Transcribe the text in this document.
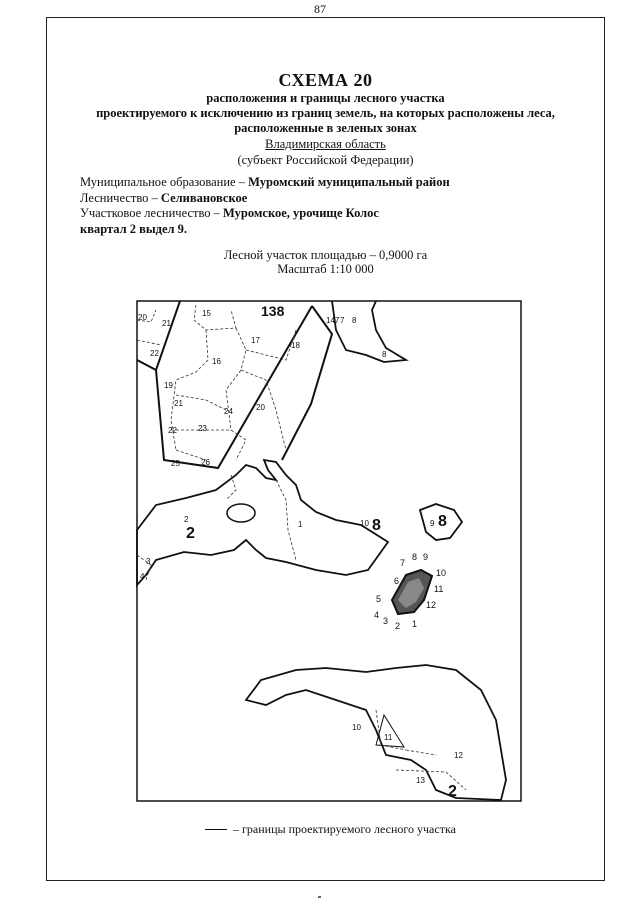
87
СХЕМА 20
расположения и границы лесного участка
проектируемого к исключению из границ земель, на которых расположены леса,
расположенные в зеленых зонах
Владимирская область
(субъект Российской Федерации)
Муниципальное образование – Муромский муниципальный район
Лесничество – Селивановское
Участковое лесничество – Муромское, урочище Колос
квартал 2 выдел 9.
Лесной участок площадью – 0,9000 га
Масштаб 1:10 000
138
2	8	8
2
20
21
15
17
18
147 7 8
8
22
16
19
21
24	20
22	23
25	26
2
1	10	9
3
4
10
11
12
13
1
2
3
4
5
6
7
8 9
10
11
12
– границы проектируемого лесного участка
